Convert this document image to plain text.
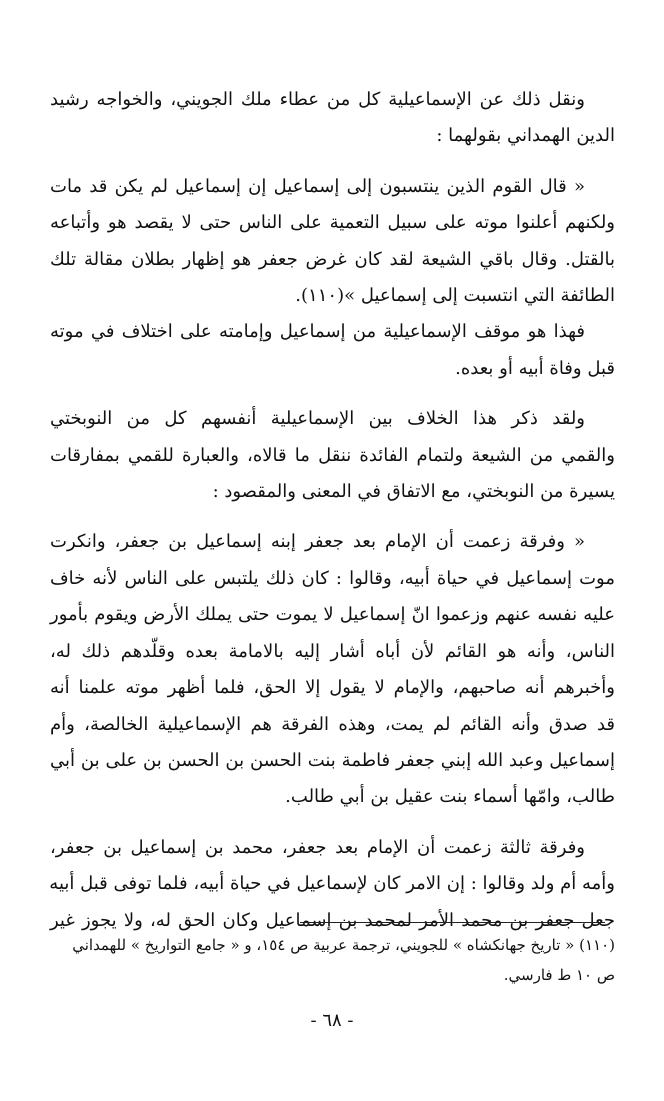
ونقل ذلك عن الإسماعيلية كل من عطاء ملك الجويني، والخواجه رشيد
الدين الهمداني بقولهما :
« قال القوم الذين ينتسبون إلى إسماعيل إن إسماعيل لم يكن قد مات
ولكنهم أعلنوا موته على سبيل التعمية على الناس حتى لا يقصد هو وأتباعه
بالقتل. وقال باقي الشيعة لقد كان غرض جعفر هو إظهار بطلان مقالة تلك
الطائفة التي انتسبت إلى إسماعيل »(١١٠).
فهذا هو موقف الإسماعيلية من إسماعيل وإمامته على اختلاف في موته
قبل وفاة أبيه أو بعده.
ولقد ذكر هذا الخلاف بين الإسماعيلية أنفسهم كل من النوبختي
والقمي من الشيعة ولتمام الفائدة ننقل ما قالاه، والعبارة للقمي بمفارقات
يسيرة من النوبختي، مع الاتفاق في المعنى والمقصود :
« وفرقة زعمت أن الإمام بعد جعفر إبنه إسماعيل بن جعفر، وانكرت
موت إسماعيل في حياة أبيه، وقالوا : كان ذلك يلتبس على الناس لأنه خاف
عليه نفسه عنهم وزعموا انّ إسماعيل لا يموت حتى يملك الأرض ويقوم بأمور
الناس، وأنه هو القائم لأن أباه أشار إليه بالامامة بعده وقلّدهم ذلك له،
وأخبرهم أنه صاحبهم، والإمام لا يقول إلا الحق، فلما أظهر موته علمنا أنه
قد صدق وأنه القائم لم يمت، وهذه الفرقة هم الإسماعيلية الخالصة، وأم
إسماعيل وعبد الله إبني جعفر فاطمة بنت الحسن بن الحسن بن على بن أبي
طالب، وامّها أسماء بنت عقيل بن أبي طالب.
وفرقة ثالثة زعمت أن الإمام بعد جعفر، محمد بن إسماعيل بن جعفر،
وأمه أم ولد وقالوا : إن الامر كان لإسماعيل في حياة أبيه، فلما توفى قبل أبيه
جعل جعفر بن محمد الأمر لمحمد بن إسماعيل وكان الحق له، ولا يجوز غير
(١١٠) « تاريخ جهانكشاه » للجويني، ترجمة عربية ص ١٥٤، و « جامع التواريخ » للهمداني
ص ١٠ ط فارسي.
- ٦٨ -
